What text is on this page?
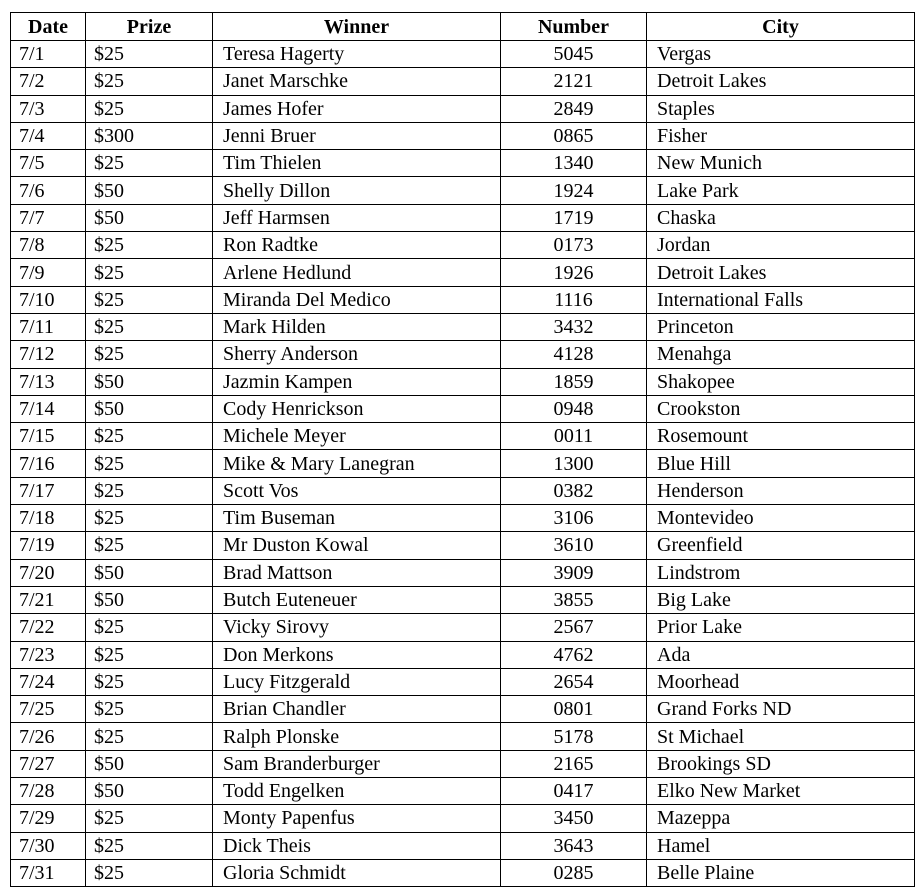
Date	Prize	Winner	Number	City
7/1	$25	Teresa Hagerty	5045	Vergas
7/2	$25	Janet Marschke	2121	Detroit Lakes
7/3	$25	James Hofer	2849	Staples
7/4	$300	Jenni Bruer	0865	Fisher
7/5	$25	Tim Thielen	1340	New Munich
7/6	$50	Shelly Dillon	1924	Lake Park
7/7	$50	Jeff Harmsen	1719	Chaska
7/8	$25	Ron Radtke	0173	Jordan
7/9	$25	Arlene Hedlund	1926	Detroit Lakes
7/10	$25	Miranda Del Medico	1116	International Falls
7/11	$25	Mark Hilden	3432	Princeton
7/12	$25	Sherry Anderson	4128	Menahga
7/13	$50	Jazmin Kampen	1859	Shakopee
7/14	$50	Cody Henrickson	0948	Crookston
7/15	$25	Michele Meyer	0011	Rosemount
7/16	$25	Mike & Mary Lanegran	1300	Blue Hill
7/17	$25	Scott Vos	0382	Henderson
7/18	$25	Tim Buseman	3106	Montevideo
7/19	$25	Mr Duston Kowal	3610	Greenfield
7/20	$50	Brad Mattson	3909	Lindstrom
7/21	$50	Butch Euteneuer	3855	Big Lake
7/22	$25	Vicky Sirovy	2567	Prior Lake
7/23	$25	Don Merkons	4762	Ada
7/24	$25	Lucy Fitzgerald	2654	Moorhead
7/25	$25	Brian Chandler	0801	Grand Forks ND
7/26	$25	Ralph Plonske	5178	St Michael
7/27	$50	Sam Branderburger	2165	Brookings SD
7/28	$50	Todd Engelken	0417	Elko New Market
7/29	$25	Monty Papenfus	3450	Mazeppa
7/30	$25	Dick Theis	3643	Hamel
7/31	$25	Gloria Schmidt	0285	Belle Plaine
